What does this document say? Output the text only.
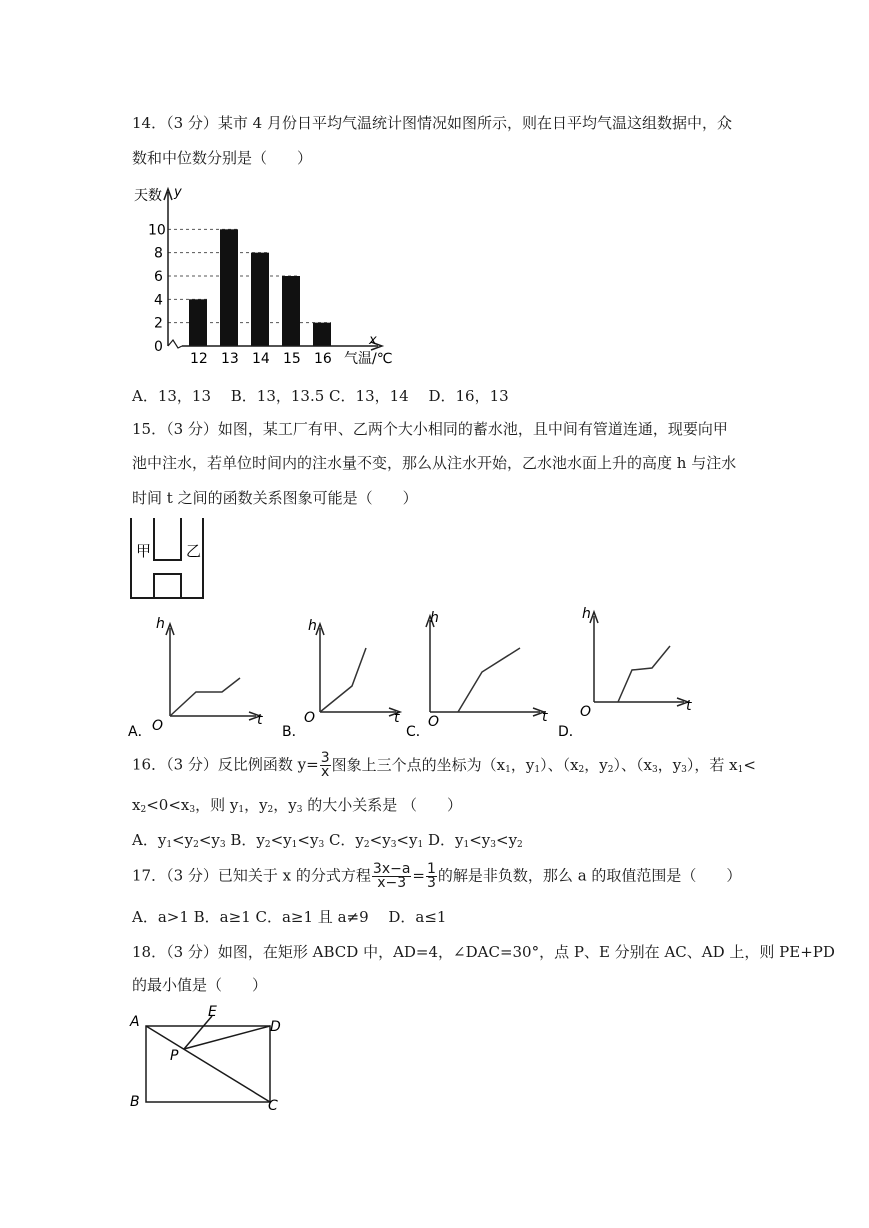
14．（3 分）某市 4 月份日平均气温统计图情况如图所示，则在日平均气温这组数据中，众
数和中位数分别是（　　）
天数 y
0
2
4
6
8
10
12 13 14 15 16
x
气温/℃
A．13，13　 B．13，13.5 C．13，14　 D．16，13
15．（3 分）如图，某工厂有甲、乙两个大小相同的蓄水池，且中间有管道连通，现要向甲
池中注水，若单位时间内的注水量不变，那么从注水开始，乙水池水面上升的高度 h 与注水
时间 t 之间的函数关系图象可能是（　　）
甲 乙
A．
h
t
O	B．
h
t
O
C．
h
t
O
D．
h
t
O
16．（3 分）反比例函数 $y= \frac{3}{x}$ 图象上三个点的坐标为（$x_1$，$y_1$）、（$x_2$，$y_2$）、（$x_3$，$y_3$），若 $x_1<$
$x_2<0<x_3$，则 $y_1$，$y_2$，$y_3$ 的大小关系是 （　　）
A．$y_1<y_2<y_3$ B．$y_2<y_1<y_3$ C．$y_2<y_3<y_1$ D．$y_1<y_3<y_2$
17．（3 分）已知关于 x 的分式方程 $\frac{3x-a}{x-3} = \frac{1}{3}$ 的解是非负数，那么 a 的取值范围是（　　）
A．a>1 B．a≥1 C．a≥1 且 a≠9　 D．a≤1
18．（3 分）如图，在矩形 ABCD 中，AD=4，∠DAC=30°，点 P、E 分别在 AC、AD 上，则 PE+PD
的最小值是（　　）
A
B	C
D
E
P
